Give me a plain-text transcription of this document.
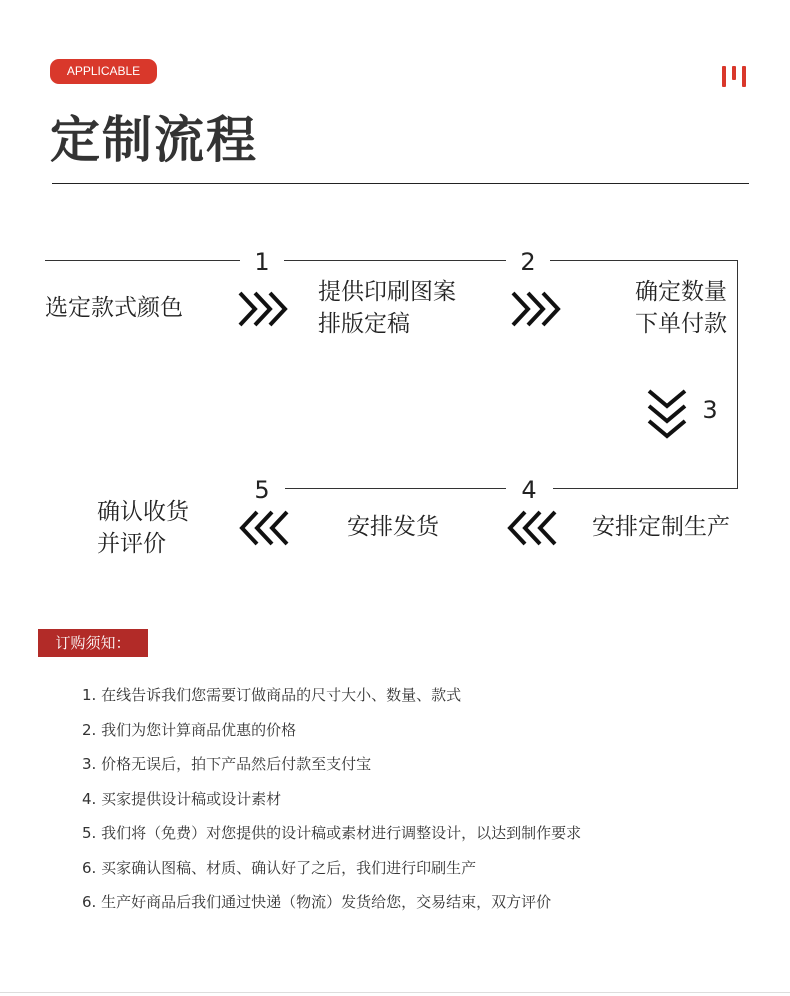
APPLICABLE
定制流程
1	2
3
4
5
选定款式颜色
提供印刷图案
排版定稿
确定数量
下单付款
安排定制生产
安排发货
确认收货
并评价
订购须知：
1. 在线告诉我们您需要订做商品的尺寸大小、数量、款式
2. 我们为您计算商品优惠的价格
3. 价格无误后，拍下产品然后付款至支付宝
4. 买家提供设计稿或设计素材
5. 我们将（免费）对您提供的设计稿或素材进行调整设计，以达到制作要求
6. 买家确认图稿、材质、确认好了之后，我们进行印刷生产
6. 生产好商品后我们通过快递（物流）发货给您，交易结束，双方评价
